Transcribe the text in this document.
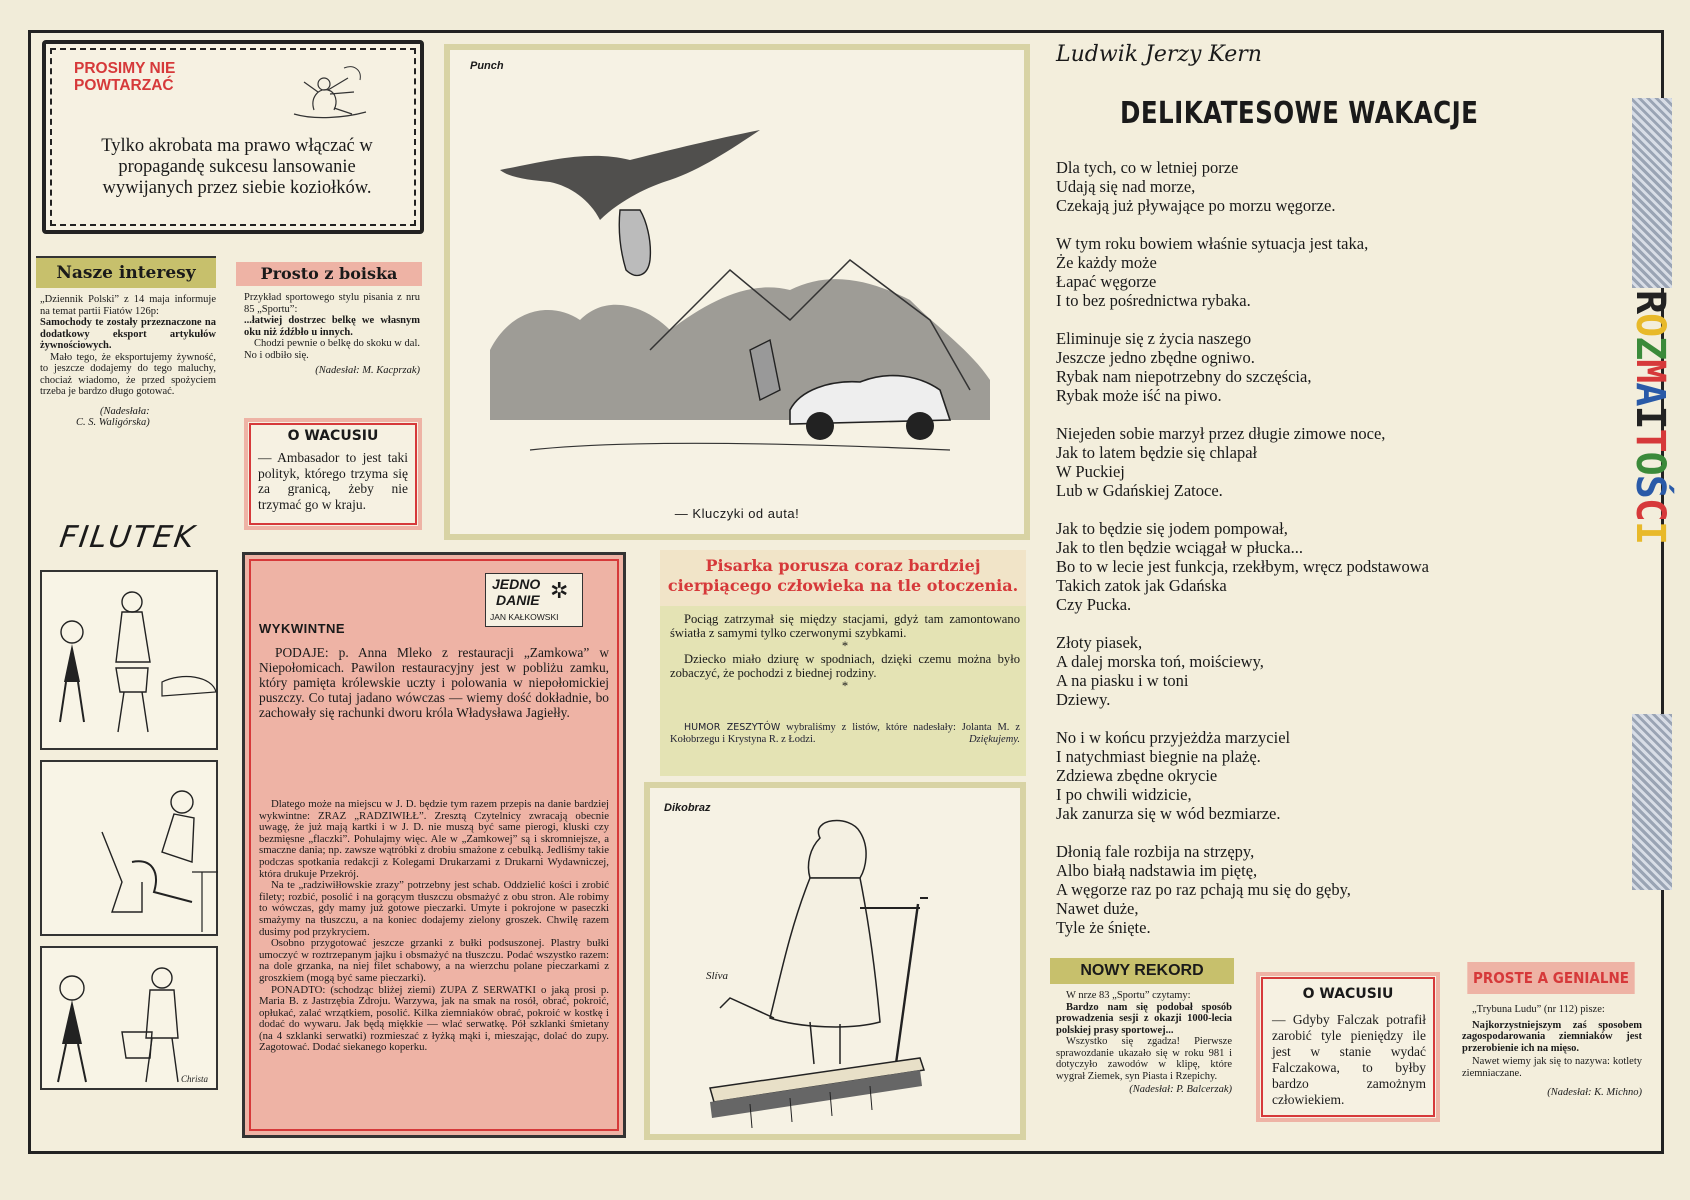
PROSIMY NIE
POWTARZAĆ
Tylko akrobata ma prawo włączać w propagandę sukcesu lansowanie wywijanych przez siebie koziołków.
Nasze interesy

„Dziennik Polski” z 14 maja informuje na temat partii Fiatów 126p:

Samochody te zostały przeznaczone na dodatkowy eksport artykułów żywnościowych.

Mało tego, że eksportujemy żywność, to jeszcze dodajemy do tego maluchy, chociaż wiadomo, że przed spożyciem trzeba je bardzo długo gotować.

(Nadesłała:
C. S. Waligórska)

Prosto z boiska

Przykład sportowego stylu pisania z nru 85 „Sportu”:

...łatwiej dostrzec belkę we własnym oku niż źdźbło u innych.

Chodzi pewnie o belkę do skoku w dal. No i odbiło się.

(Nadesłał: M. Kacprzak)

O WACUSIU
— Ambasador to jest taki polityk, którego trzyma się za granicą, żeby nie trzymać go w kraju.
FILUTEK
Christa
Punch
— Kluczyki od auta!
JEDNO
DANIE ✲
JAN KAŁKOWSKI
WYKWINTNE
PODAJE: p. Anna Mleko z restauracji „Zamkowa” w Niepołomicach. Pawilon restauracyjny jest w pobliżu zamku, który pamięta królewskie uczty i polowania w niepołomickiej puszczy. Co tutaj jadano wówczas — wiemy dość dokładnie, bo zachowały się rachunki dworu króla Władysława Jagiełły.

Dlatego może na miejscu w J. D. będzie tym razem przepis na danie bardziej wykwintne: ZRAZ „RADZIWIŁŁ”. Zresztą Czytelnicy zwracają obecnie uwagę, że już mają kartki i w J. D. nie muszą być same pierogi, kluski czy bezmięsne „flaczki”. Pohulajmy więc. Ale w „Zamkowej” są i skromniejsze, a smaczne dania; np. zawsze wątróbki z drobiu smażone z cebulką. Jedliśmy takie podczas spotkania redakcji z Kolegami Drukarzami z Drukarni Wydawniczej, która drukuje Przekrój.

Na te „radziwiłłowskie zrazy” potrzebny jest schab. Oddzielić kości i zrobić filety; rozbić, posolić i na gorącym tłuszczu obsmażyć z obu stron. Ale robimy to wówczas, gdy mamy już gotowe pieczarki. Umyte i pokrojone w paseczki smażymy na tłuszczu, a na koniec dodajemy zielony groszek. Chwilę razem dusimy pod przykryciem.

Osobno przygotować jeszcze grzanki z bułki podsuszonej. Plastry bułki umoczyć w roztrzepanym jajku i obsmażyć na tłuszczu. Podać wszystko razem: na dole grzanka, na niej filet schabowy, a na wierzchu polane pieczarkami z groszkiem (mogą być same pieczarki).

PONADTO: (schodząc bliżej ziemi) ZUPA Z SERWATKI o jaką prosi p. Maria B. z Jastrzębia Zdroju. Warzywa, jak na smak na rosół, obrać, pokroić, opłukać, zalać wrzątkiem, posolić. Kilka ziemniaków obrać, pokroić w kostkę i dodać do wywaru. Jak będą miękkie — wlać serwatkę. Pół szklanki śmietany (na 4 szklanki serwatki) rozmieszać z łyżką mąki i, mieszając, dolać do zupy. Zagotować. Dodać siekanego koperku.

Pisarka porusza coraz bardziej cierpiącego człowieka na tle otoczenia.

Pociąg zatrzymał się między stacjami, gdyż tam zamontowano światła z samymi tylko czerwonymi szybkami.

*

Dziecko miało dziurę w spodniach, dzięki czemu można było zobaczyć, że pochodzi z biednej rodziny.

*

HUMOR ZESZYTÓW wybraliśmy z listów, które nadesłały: Jolanta M. z Kołobrzegu i Krystyna R. z Łodzi.	Dziękujemy.
Dikobraz
Slíva
Ludwik Jerzy Kern
DELIKATESOWE WAKACJE
Dla tych, co w letniej porze
Udają się nad morze,
Czekają już pływające po morzu węgorze.
W tym roku bowiem właśnie sytuacja jest taka,
Że każdy może
Łapać węgorze
I to bez pośrednictwa rybaka.
Eliminuje się z życia naszego
Jeszcze jedno zbędne ogniwo.
Rybak nam niepotrzebny do szczęścia,
Rybak może iść na piwo.
Niejeden sobie marzył przez długie zimowe noce,
Jak to latem będzie się chlapał
W Puckiej
Lub w Gdańskiej Zatoce.
Jak to będzie się jodem pompował,
Jak to tlen będzie wciągał w płucka...
Bo to w lecie jest funkcja, rzekłbym, wręcz podstawowa
Takich zatok jak Gdańska
Czy Pucka.
Złoty piasek,
A dalej morska toń, moiściewy,
A na piasku i w toni
Dziewy.
No i w końcu przyjeżdża marzyciel
I natychmiast biegnie na plażę.
Zdziewa zbędne okrycie
I po chwili widzicie,
Jak zanurza się w wód bezmiarze.
Dłonią fale rozbija na strzępy,
Albo białą nadstawia im piętę,
A węgorze raz po raz pchają mu się do gęby,
Nawet duże,
Tyle że śnięte.
ROZMAITOŚCI
NOWY REKORD

W nrze 83 „Sportu” czytamy:

Bardzo nam się podobał sposób prowadzenia sesji z okazji 1000-lecia polskiej prasy sportowej...

Wszystko się zgadza! Pierwsze sprawozdanie ukazało się w roku 981 i dotyczyło zawodów w klipę, które wygrał Ziemek, syn Piasta i Rzepichy.

(Nadesłał: P. Balcerzak)

O WACUSIU
— Gdyby Falczak potrafił zarobić tyle pieniędzy ile jest w stanie wydać Falczakowa, to byłby bardzo zamożnym człowiekiem.
PROSTE A GENIALNE

„Trybuna Ludu” (nr 112) pisze:

Najkorzystniejszym zaś sposobem zagospodarowania ziemniaków jest przerobienie ich na mięso.

Nawet wiemy jak się to nazywa: kotlety ziemniaczane.

(Nadesłał: K. Michno)
